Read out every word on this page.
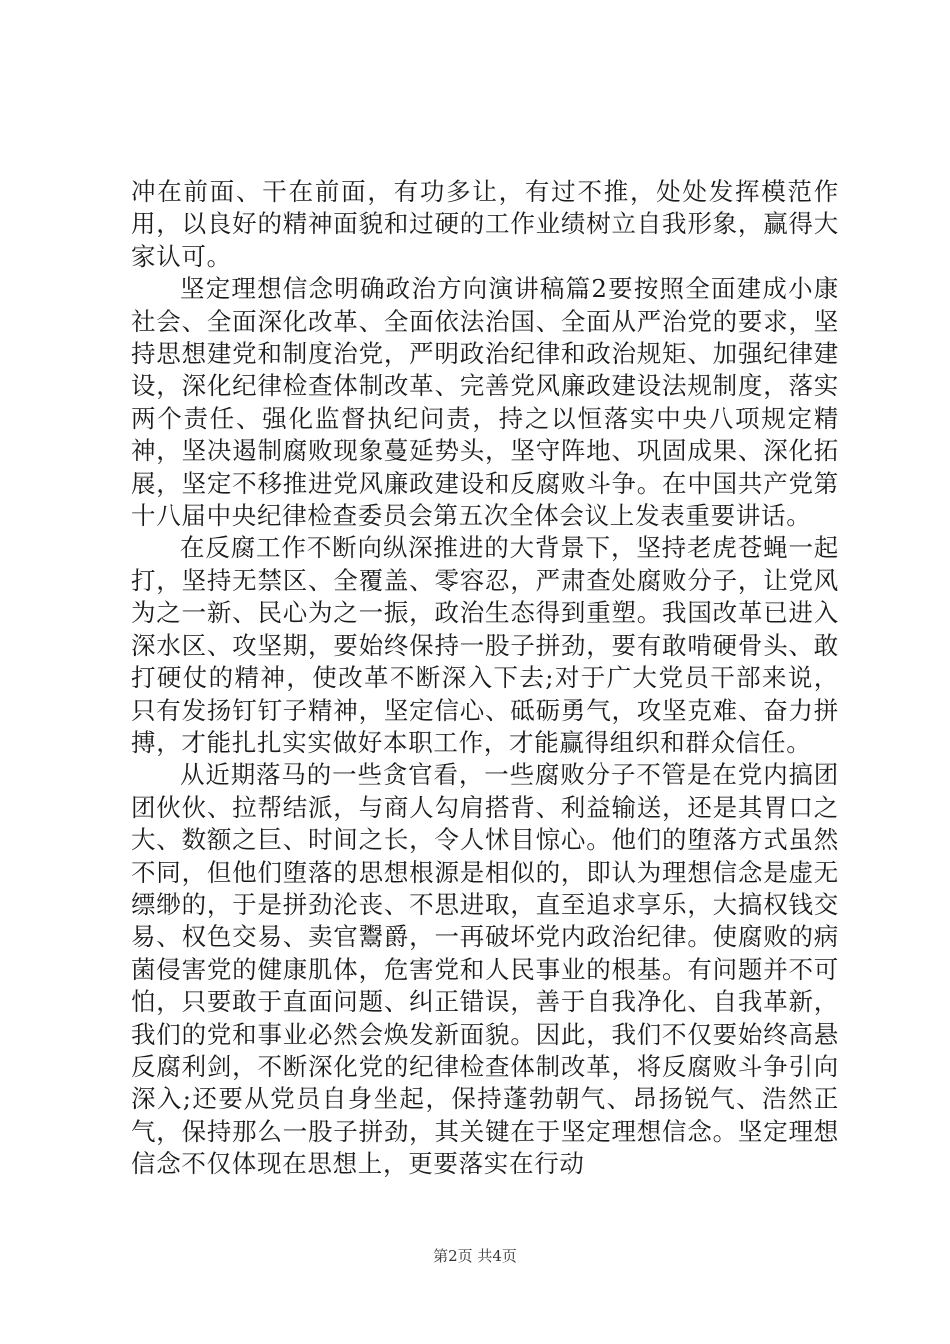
冲在前面、干在前面，有功多让，有过不推，处处发挥模范作用，以良好的精神面貌和过硬的工作业绩树立自我形象，赢得大家认可。

坚定理想信念明确政治方向演讲稿篇2要按照全面建成小康社会、全面深化改革、全面依法治国、全面从严治党的要求，坚持思想建党和制度治党，严明政治纪律和政治规矩、加强纪律建设，深化纪律检查体制改革、完善党风廉政建设法规制度，落实两个责任、强化监督执纪问责，持之以恒落实中央八项规定精神，坚决遏制腐败现象蔓延势头，坚守阵地、巩固成果、深化拓展，坚定不移推进党风廉政建设和反腐败斗争。在中国共产党第十八届中央纪律检查委员会第五次全体会议上发表重要讲话。

在反腐工作不断向纵深推进的大背景下，坚持老虎苍蝇一起打，坚持无禁区、全覆盖、零容忍，严肃查处腐败分子，让党风为之一新、民心为之一振，政治生态得到重塑。我国改革已进入深水区、攻坚期，要始终保持一股子拼劲，要有敢啃硬骨头、敢打硬仗的精神，使改革不断深入下去;对于广大党员干部来说，只有发扬钉钉子精神，坚定信心、砥砺勇气，攻坚克难、奋力拼搏，才能扎扎实实做好本职工作，才能赢得组织和群众信任。

从近期落马的一些贪官看，一些腐败分子不管是在党内搞团团伙伙、拉帮结派，与商人勾肩搭背、利益输送，还是其胃口之大、数额之巨、时间之长，令人怵目惊心。他们的堕落方式虽然不同，但他们堕落的思想根源是相似的，即认为理想信念是虚无缥缈的，于是拼劲沦丧、不思进取，直至追求享乐，大搞权钱交易、权色交易、卖官鬻爵，一再破坏党内政治纪律。使腐败的病菌侵害党的健康肌体，危害党和人民事业的根基。有问题并不可怕，只要敢于直面问题、纠正错误，善于自我净化、自我革新，我们的党和事业必然会焕发新面貌。因此，我们不仅要始终高悬反腐利剑，不断深化党的纪律检查体制改革，将反腐败斗争引向深入;还要从党员自身坐起，保持蓬勃朝气、昂扬锐气、浩然正气，保持那么一股子拼劲，其关键在于坚定理想信念。坚定理想信念不仅体现在思想上，更要落实在行动

第2页 共4页
